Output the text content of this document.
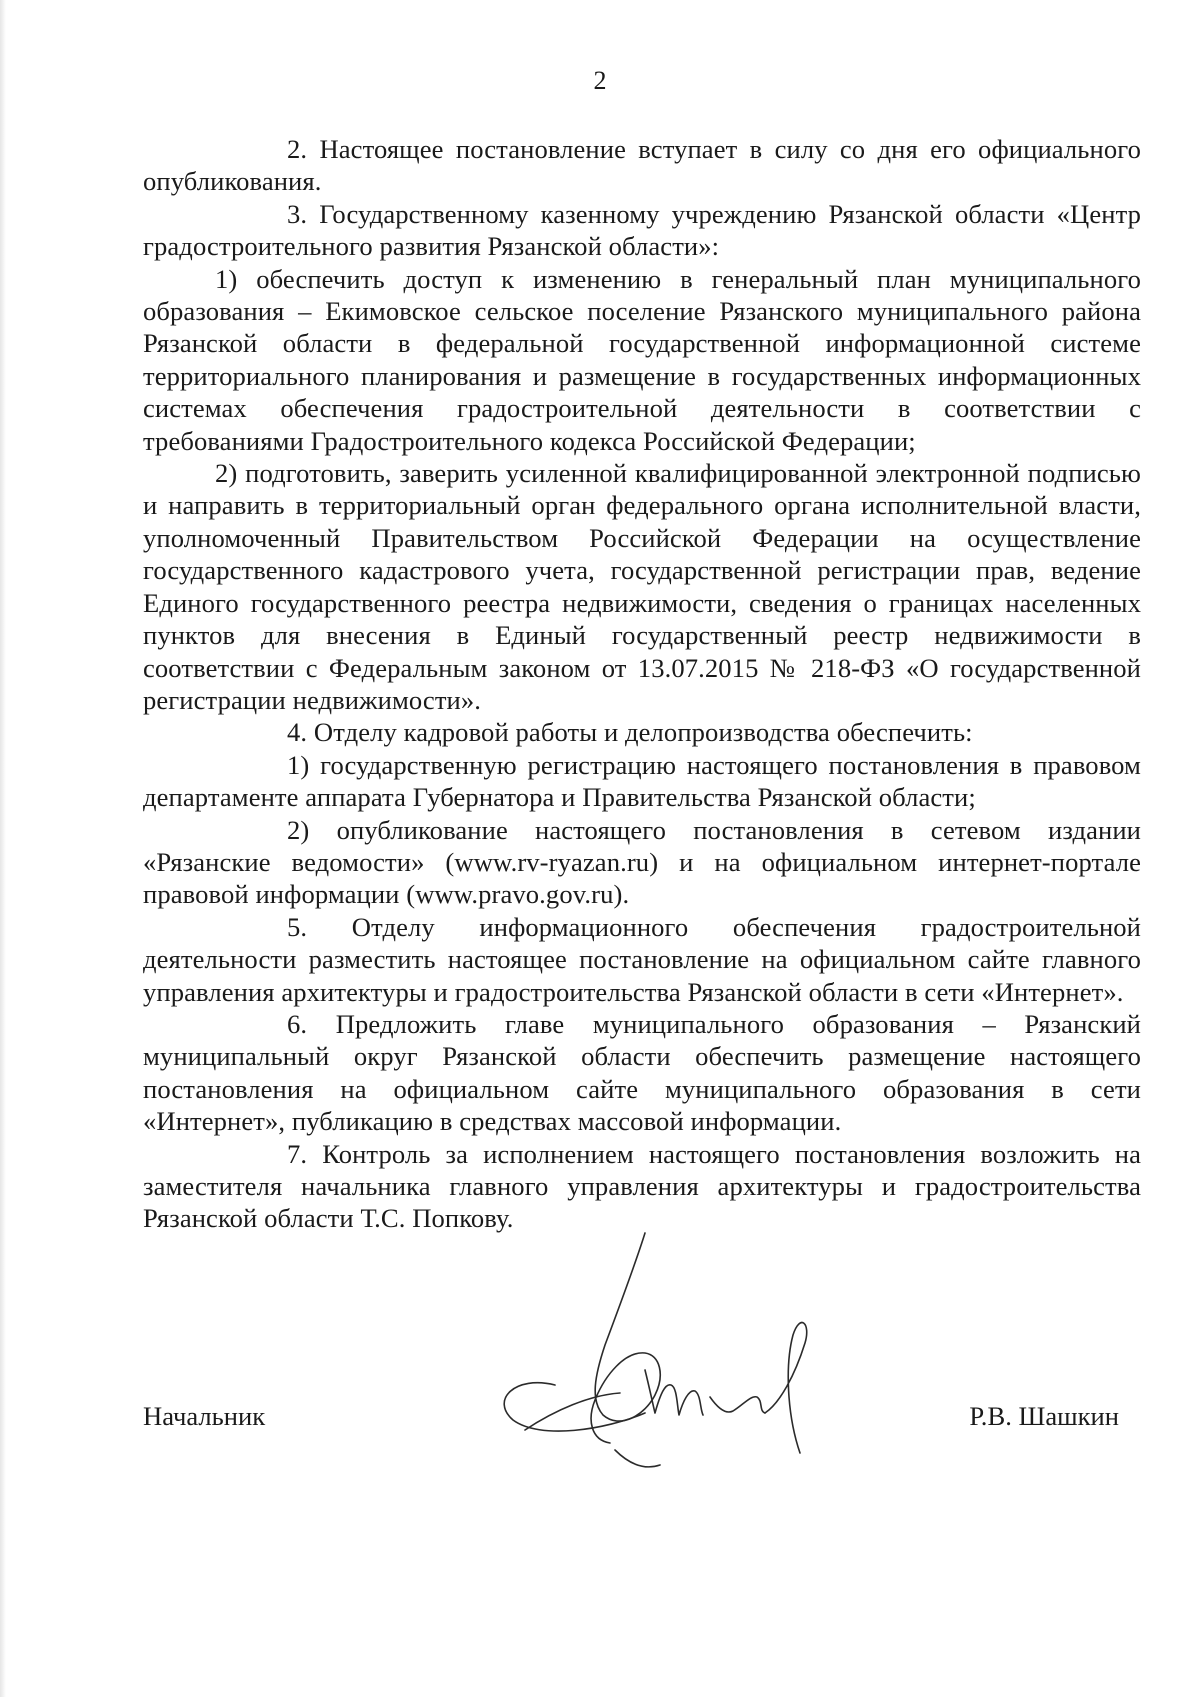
2

2. Настоящее постановление вступает в силу со дня его официального опубликования.

3. Государственному казенному учреждению Рязанской области «Центр градостроительного развития Рязанской области»:

1) обеспечить доступ к изменению в генеральный план муниципального образования – Екимовское сельское поселение Рязанского муниципального района Рязанской области в федеральной государственной информационной системе территориального планирования и размещение в государственных информационных системах обеспечения градостроительной деятельности в соответствии с требованиями Градостроительного кодекса Российской Федерации;

2) подготовить, заверить усиленной квалифицированной электронной подписью и направить в территориальный орган федерального органа исполнительной власти, уполномоченный Правительством Российской Федерации на осуществление государственного кадастрового учета, государственной регистрации прав, ведение Единого государственного реестра недвижимости, сведения о границах населенных пунктов для внесения в Единый государственный реестр недвижимости в соответствии с Федеральным законом от 13.07.2015 № 218-ФЗ «О государственной регистрации недвижимости».

4. Отделу кадровой работы и делопроизводства обеспечить:

1) государственную регистрацию настоящего постановления в правовом департаменте аппарата Губернатора и Правительства Рязанской области;

2) опубликование настоящего постановления в сетевом издании «Рязанские ведомости» (www.rv-ryazan.ru) и на официальном интернет-портале правовой информации (www.pravo.gov.ru).

5. Отделу информационного обеспечения градостроительной деятельности разместить настоящее постановление на официальном сайте главного управления архитектуры и градостроительства Рязанской области в сети «Интернет».

6. Предложить главе муниципального образования – Рязанский муниципальный округ Рязанской области обеспечить размещение настоящего постановления на официальном сайте муниципального образования в сети «Интернет», публикацию в средствах массовой информации.

7. Контроль за исполнением настоящего постановления возложить на заместителя начальника главного управления архитектуры и градостроительства Рязанской области Т.С. Попкову.

Начальник	Р.В. Шашкин
